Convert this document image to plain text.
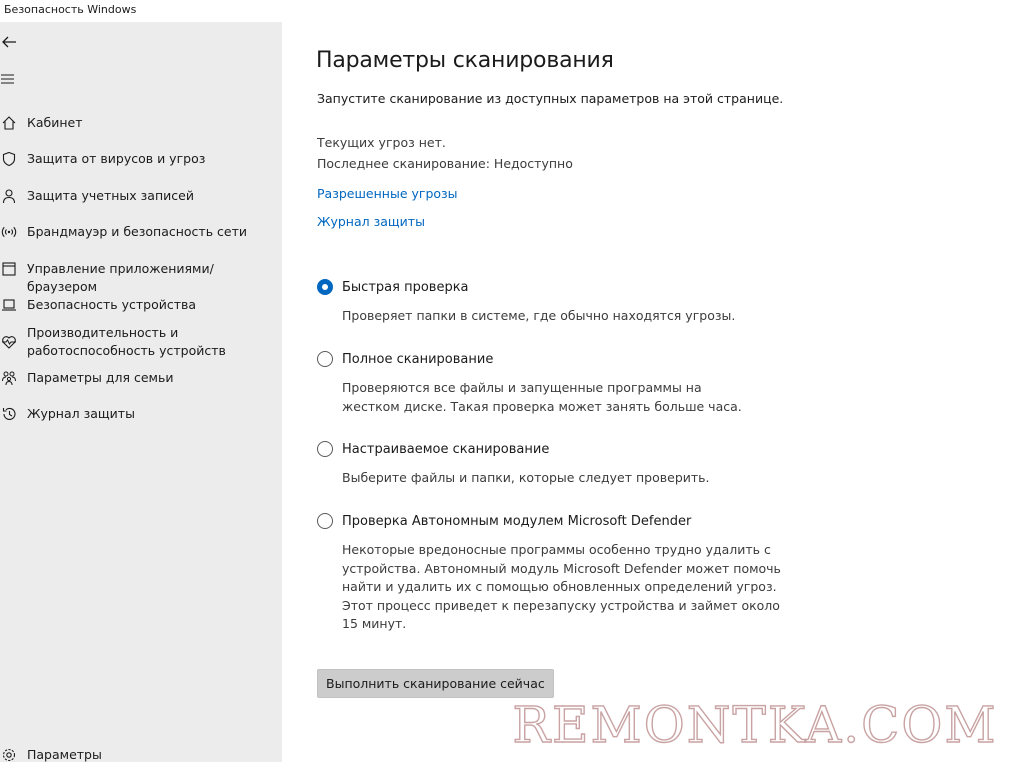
Безопасность Windows
Кабинет
Защита от вирусов и угроз
Защита учетных записей
Брандмауэр и безопасность сети
Управление приложениями/браузером
Безопасность устройства
Производительность и работоспособность устройств
Параметры для семьи
Журнал защиты
Параметры
Параметры сканирования
Запустите сканирование из доступных параметров на этой странице.
Текущих угроз нет.
Последнее сканирование: Недоступно
Разрешенные угрозы
Журнал защиты
Быстрая проверка
Проверяет папки в системе, где обычно находятся угрозы.
Полное сканирование
Проверяются все файлы и запущенные программы на жестком диске. Такая проверка может занять больше часа.
Настраиваемое сканирование
Выберите файлы и папки, которые следует проверить.
Проверка Автономным модулем Microsoft Defender
Некоторые вредоносные программы особенно трудно удалить с устройства. Автономный модуль Microsoft Defender может помочь найти и удалить их с помощью обновленных определений угроз. Этот процесс приведет к перезапуску устройства и займет около 15 минут.
Выполнить сканирование сейчас
REMONTKA.COM
